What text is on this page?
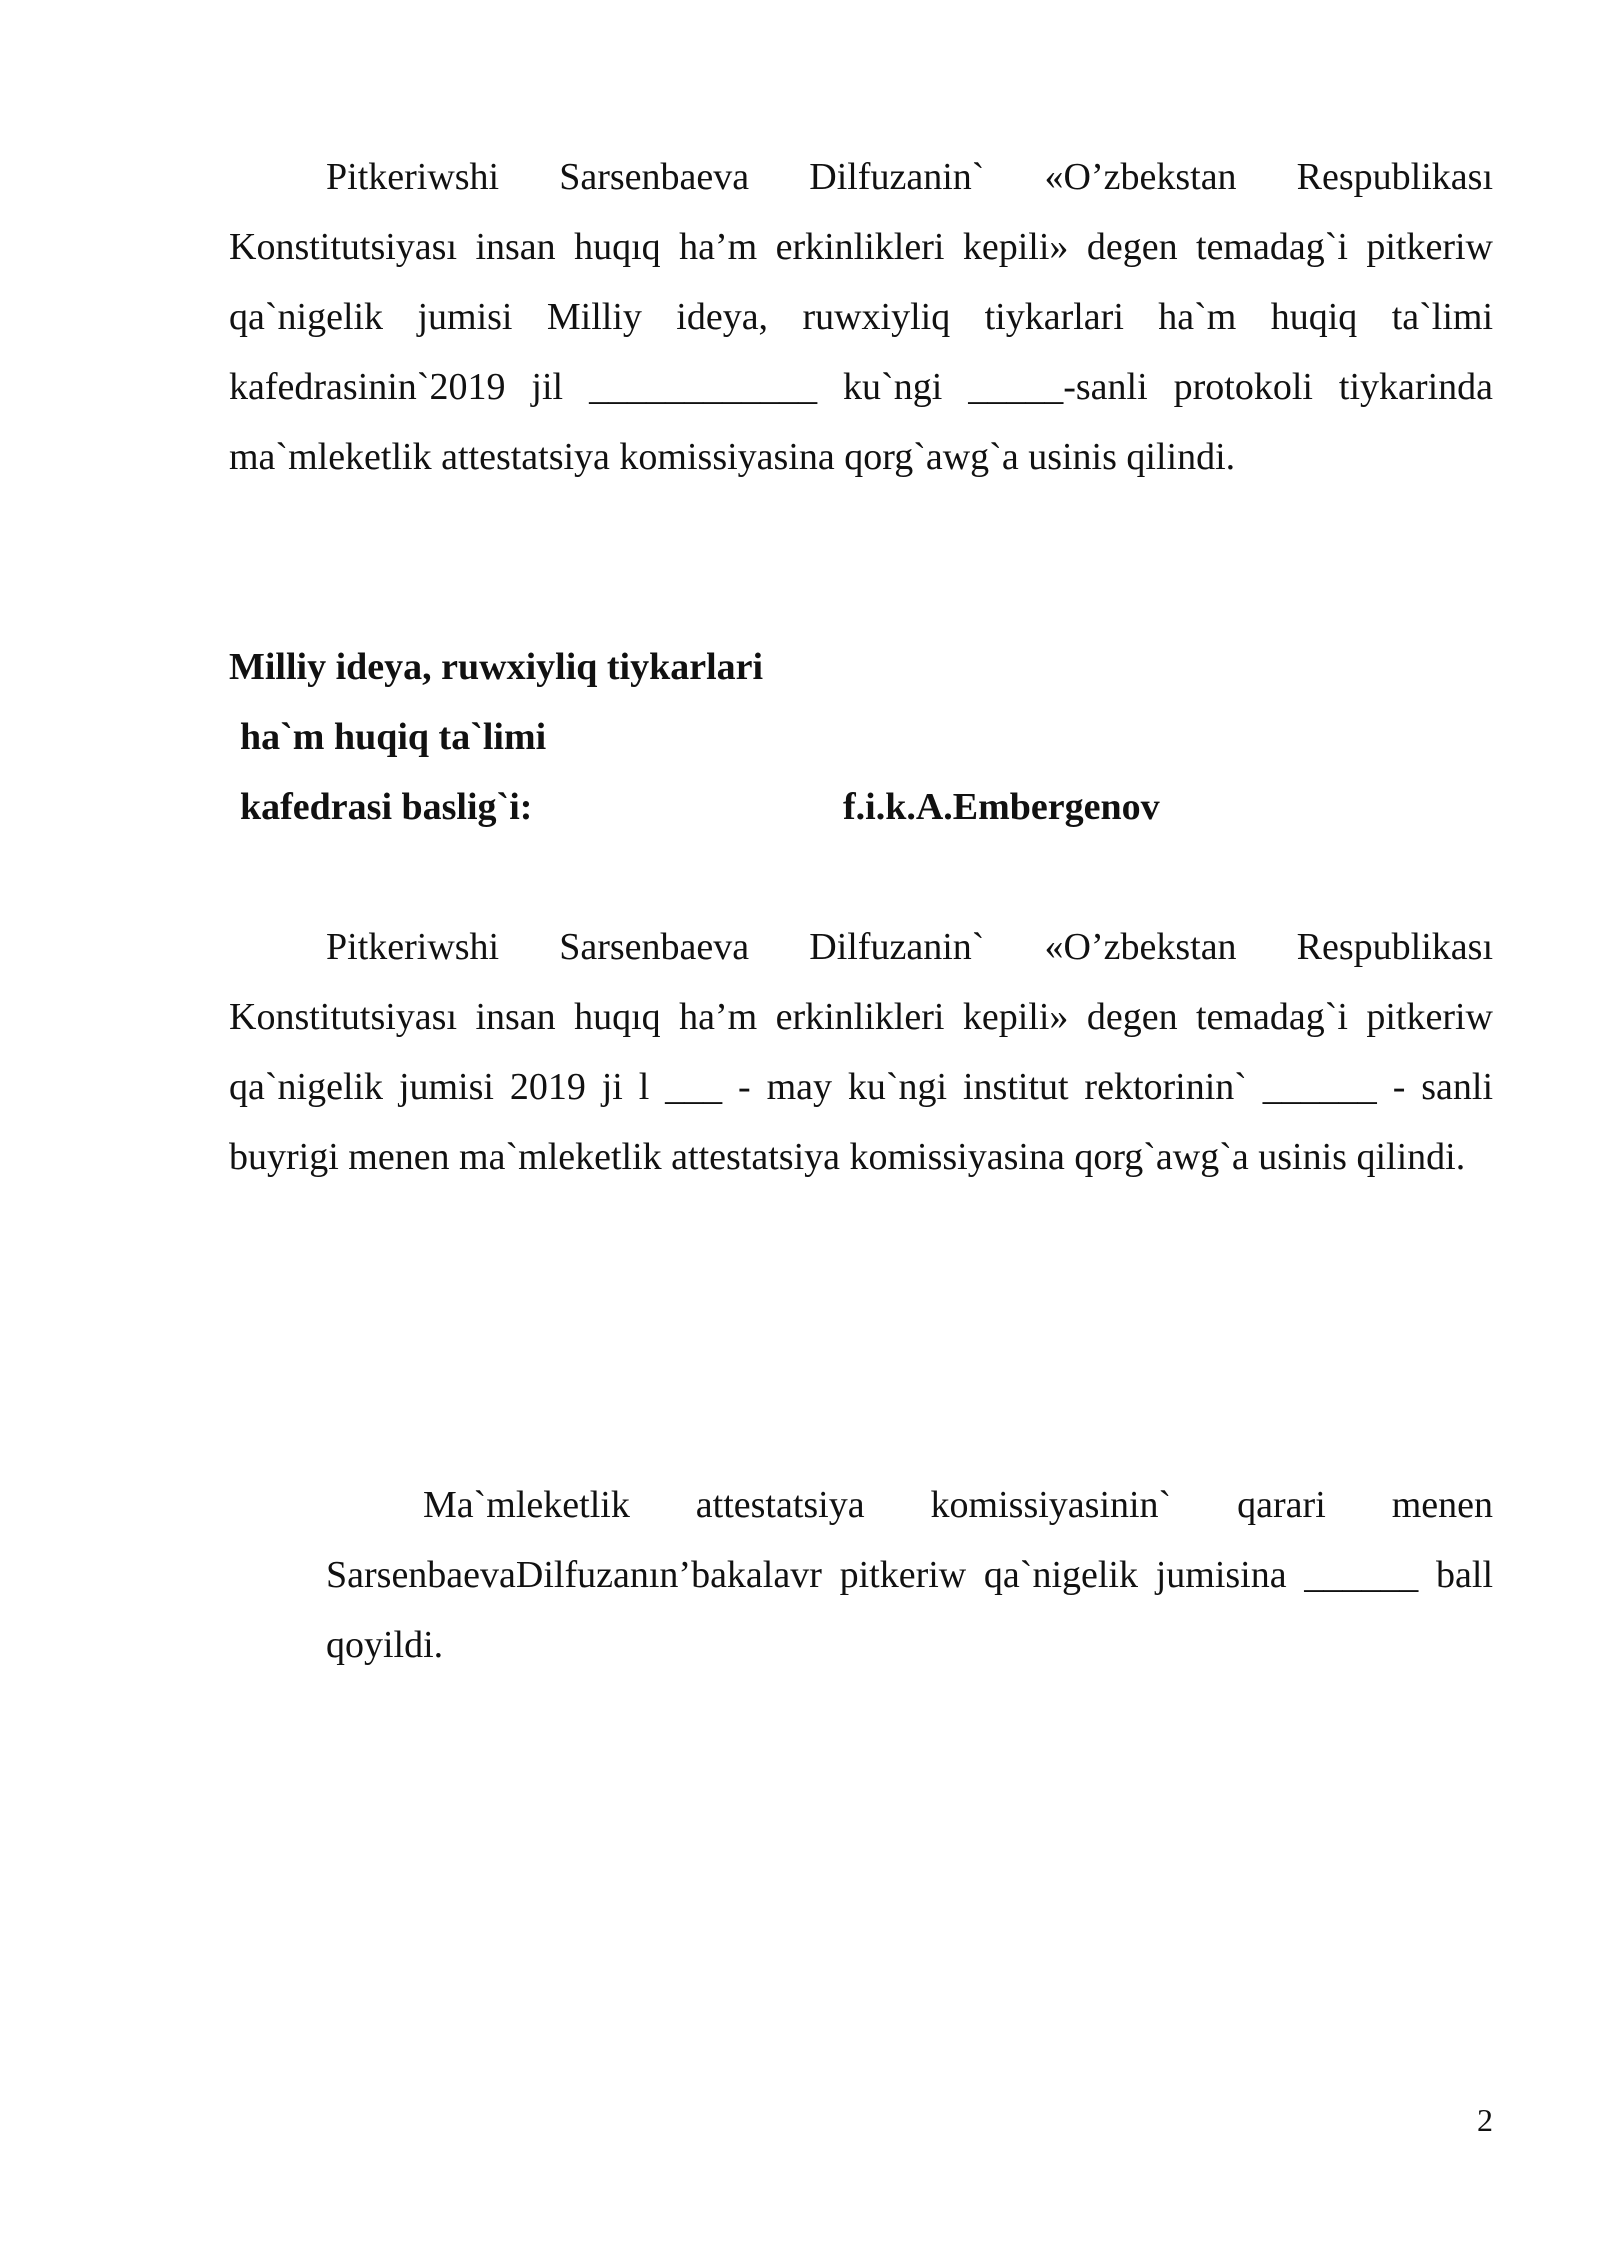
Pitkeriwshi Sarsenbaeva Dilfuzanin` «O’zbekstan Respublikası Konstitutsiyası insan huqıq ha’m erkinlikleri kepili» degen temadag`i pitkeriw qa`nigelik jumisi Milliy ideya, ruwxiyliq tiykarlari ha`m huqiq ta`limi kafedrasinin`2019 jil ____________ ku`ngi _____-sanli protokoli tiykarinda ma`mleketlik attestatsiya komissiyasina qorg`awg`a usinis qilindi.

Milliy ideya, ruwxiyliq tiykarlari
ha`m huqiq ta`limi
kafedrasi baslig`i:	f.i.k.A.Embergenov

Pitkeriwshi Sarsenbaeva Dilfuzanin` «O’zbekstan Respublikası Konstitutsiyası insan huqıq ha’m erkinlikleri kepili» degen temadag`i pitkeriw qa`nigelik jumisi 2019 ji l ___ - may ku`ngi institut rektorinin` ______ - sanli buyrigi menen ma`mleketlik attestatsiya komissiyasina qorg`awg`a usinis qilindi.

Ma`mleketlik attestatsiya komissiyasinin` qarari menen SarsenbaevaDilfuzanın’bakalavr pitkeriw qa`nigelik jumisina ______ ball qoyildi.

2
